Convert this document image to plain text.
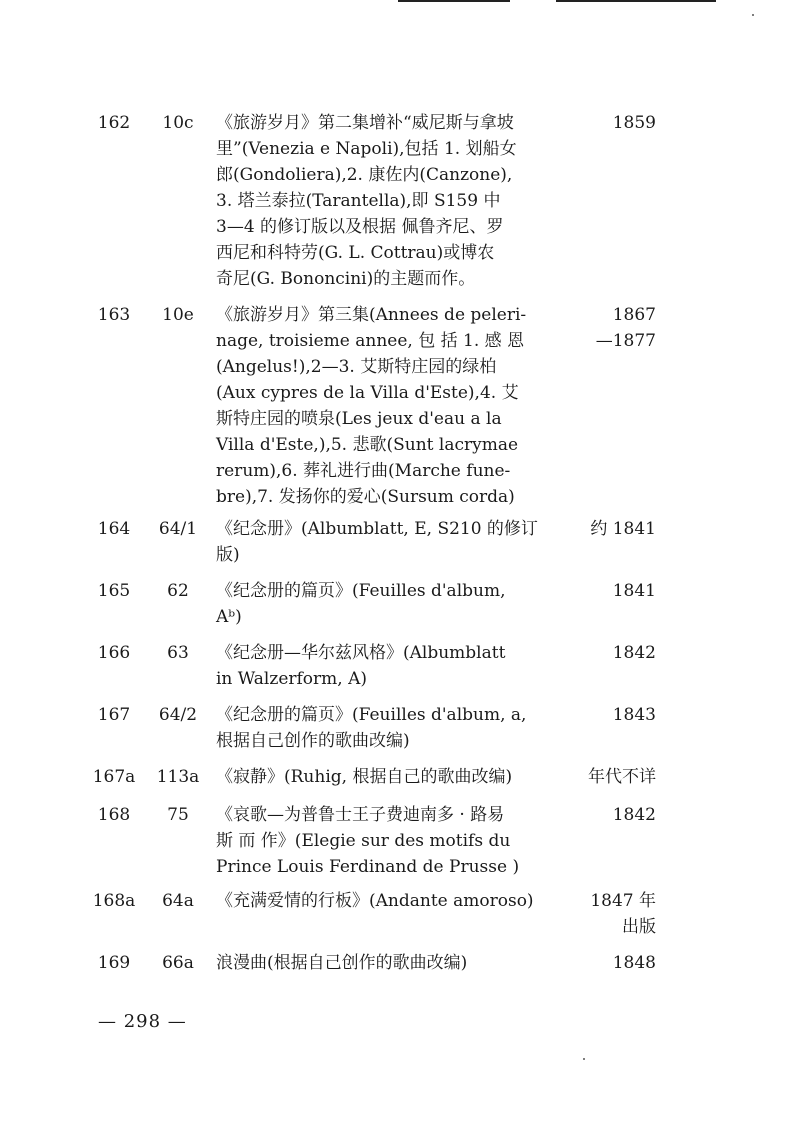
162	10c	《旅游岁月》第二集增补“威尼斯与拿坡
里”(Venezia e Napoli),包括 1. 划船女
郎(Gondoliera),2. 康佐内(Canzone),
3. 塔兰泰拉(Tarantella),即 S159 中
3—4 的修订版以及根据 佩鲁齐尼、罗
西尼和科特劳(G. L. Cottrau)或博农
奇尼(G. Bononcini)的主题而作。
1859
163	10e	《旅游岁月》第三集(Annees de peleri-
nage, troisieme annee, 包 括 1. 感 恩
(Angelus!),2—3. 艾斯特庄园的绿柏
(Aux cypres de la Villa d'Este),4. 艾
斯特庄园的喷泉(Les jeux d'eau a la
Villa d'Este,),5. 悲歌(Sunt lacrymae
rerum),6. 葬礼进行曲(Marche fune-
bre),7. 发扬你的爱心(Sursum corda)
1867
—1877
164	64/1	《纪念册》(Albumblatt, E, S210 的修订
版)
约 1841
165	62	《纪念册的篇页》(Feuilles d'album,
Aᵇ)
1841
166	63	《纪念册—华尔兹风格》(Albumblatt
in Walzerform, A)
1842
167	64/2	《纪念册的篇页》(Feuilles d'album, a,
根据自己创作的歌曲改编)
1843
167a	113a 《寂静》(Ruhig, 根据自己的歌曲改编)	年代不详
168	75	《哀歌—为普鲁士王子费迪南多 · 路易
斯 而 作》(Elegie sur des motifs du
Prince Louis Ferdinand de Prusse )
1842
168a	64a	《充满爱情的行板》(Andante amoroso)	1847 年
出版
169	66a	浪漫曲(根据自己创作的歌曲改编)	1848
— 298 —
